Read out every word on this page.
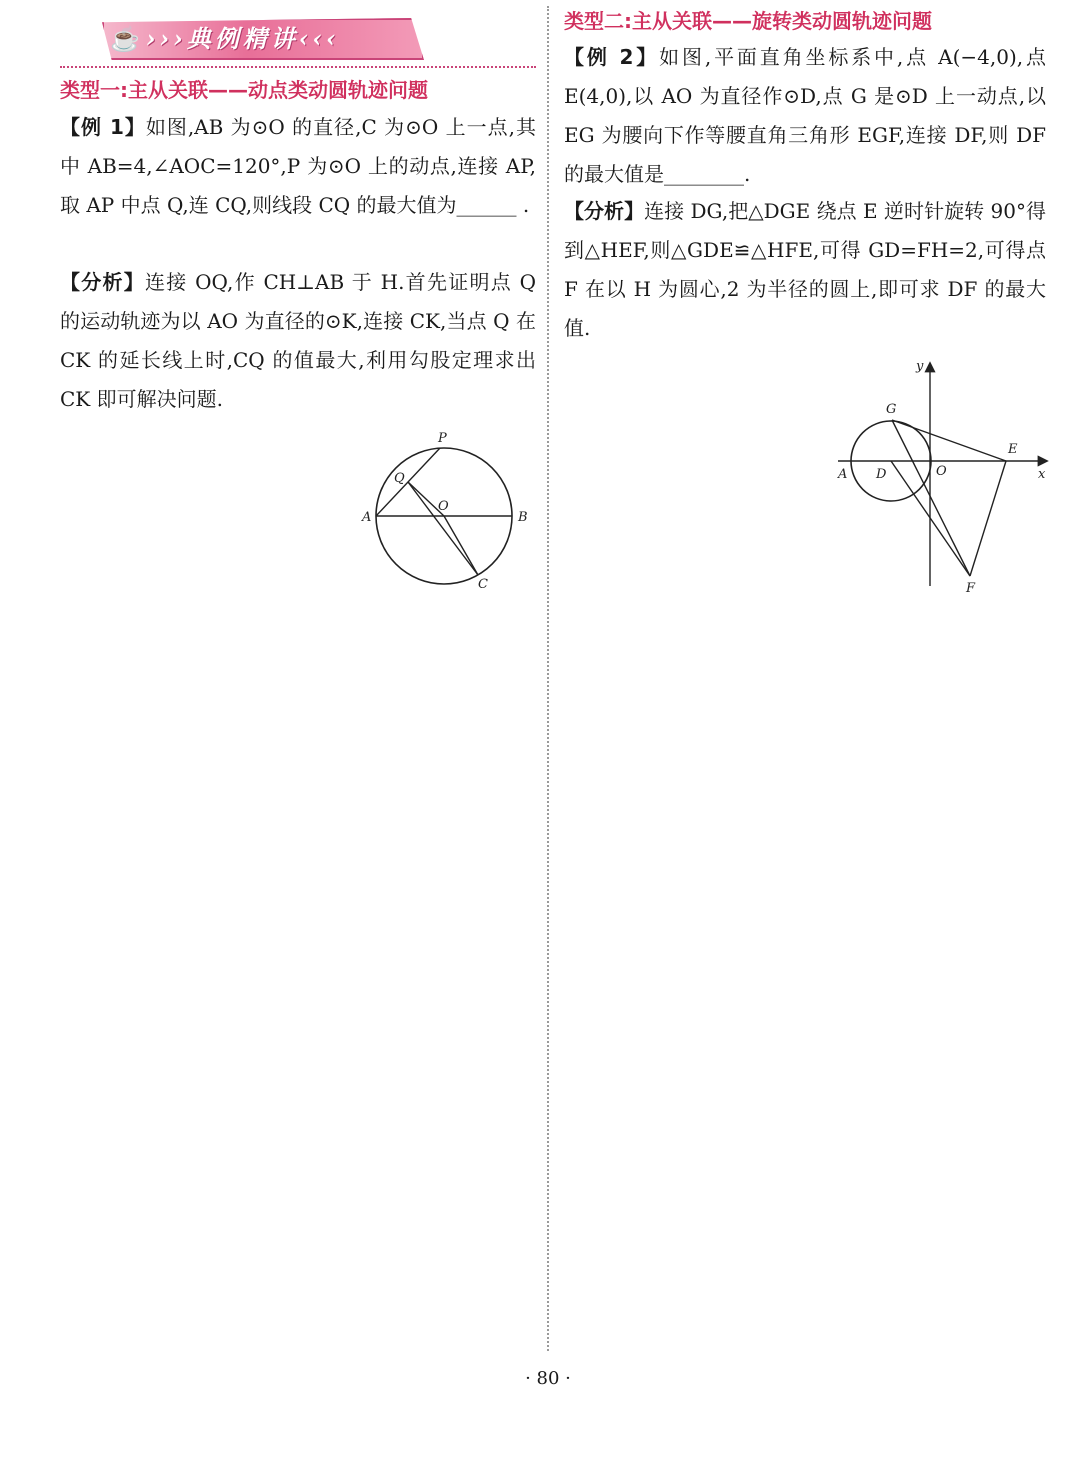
☕ ›››典例精讲‹‹‹
类型一:主从关联——动点类动圆轨迹问题

【例 1】如图,AB 为⊙O 的直径,C 为⊙O 上一点,其中 AB=4,∠AOC=120°,P 为⊙O 上的动点,连接 AP,取 AP 中点 Q,连 CQ,则线段 CQ 的最大值为______ .

【分析】连接 OQ,作 CH⊥AB 于 H.首先证明点 Q 的运动轨迹为以 AO 为直径的⊙K,连接 CK,当点 Q 在 CK 的延长线上时,CQ 的值最大,利用勾股定理求出 CK 即可解决问题.

P
Q
O
A	B
C
类型二:主从关联——旋转类动圆轨迹问题

【例 2】如图,平面直角坐标系中,点 A(−4,0),点 E(4,0),以 AO 为直径作⊙D,点 G 是⊙D 上一动点,以 EG 为腰向下作等腰直角三角形 EGF,连接 DF,则 DF 的最大值是________.

【分析】连接 DG,把△DGE 绕点 E 逆时针旋转 90°得到△HEF,则△GDE≌△HFE,可得 GD=FH=2,可得点 F 在以 H 为圆心,2 为半径的圆上,即可求 DF 的最大值.

y
G
E
A D	O	x
F
· 80 ·
